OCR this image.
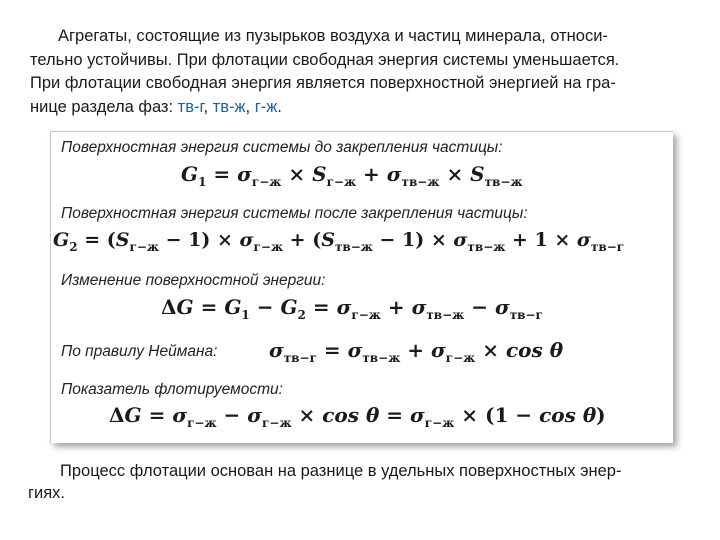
Агрегаты, состоящие из пузырьков воздуха и частиц минерала, относи-
тельно устойчивы. При флотации свободная энергия системы уменьшается.
При флотации свободная энергия является поверхностной энергией на гра-
нице раздела фаз: тв-г, тв-ж, г-ж.
Поверхностная энергия системы до закрепления частицы:
$G_1 = \sigma_{г-ж} \times S_{г-ж} + \sigma_{тв-ж} \times S_{тв-ж}$
Поверхностная энергия системы после закрепления частицы:
$G_2 = (S_{г-ж} - 1) \times \sigma_{г-ж} + (S_{тв-ж} - 1) \times \sigma_{тв-ж} + 1 \times \sigma_{тв-г}$
Изменение поверхностной энергии:
$\Delta G = G_1 - G_2 = \sigma_{г-ж} + \sigma_{тв-ж} - \sigma_{тв-г}$
По правилу Неймана:	$\sigma_{тв-г} = \sigma_{тв-ж} + \sigma_{г-ж} \times \cos \theta$
Показатель флотируемости:
$\Delta G = \sigma_{г-ж} - \sigma_{г-ж} \times \cos \theta = \sigma_{г-ж} \times (1 - \cos \theta)$
Процесс флотации основан на разнице в удельных поверхностных энер-
гиях.
